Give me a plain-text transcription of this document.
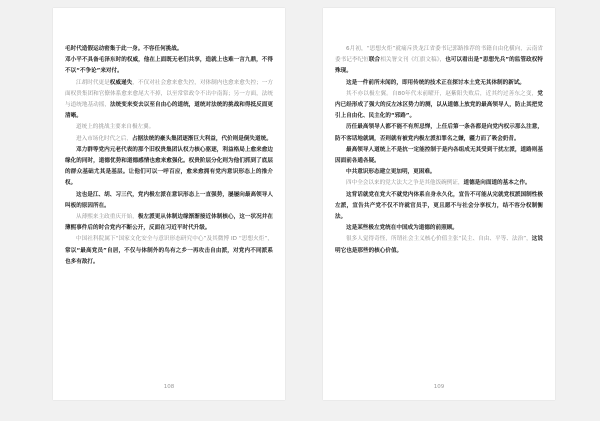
毛时代造假运动密集于此一身。不容任何挑战。

邓小平不具备毛泽东时的权威，他在上面既无老们共享，造就上也难一言九鼎，不得不以“不争论”来对付。

江胡时代更是权威递失，不仅对社会愈来愈失控，对体制内也愈来愈失控；一方面权贵集团和官僚体系愈来愈尾大不掉，以至常常政令不出中南海；另一方面，法统与道统地基动摇，法统变来变去以至自由心的道统，道统对法统的挑战和得抵反面更清晰。

道统上的挑战主要来自极左翼。

进入市场化时代之后，占据法统的豪头集团逐渐巨大利益，代价则是倒失道统。

邓力群等党内元老代表的那个旧权贵集团认权力核心驱逐，利益格局上愈来愈边缘化的同时，道德优势和道德感情也愈来愈强化。权贵阶层分化则为他们抓到了底层的群众基础尤其是基层。让他们可以一呼百应，愈来愈拥有党内意识形态上的推介权。

这也是江、胡、习三代，党内极左派在意识形态上一直强势，屡屡向最高领导人叫板的原因所在。

从薄熙来主政重庆开始，极左派更从体制边缘渐渐接近体制核心，这一状况并在薄熙事件后的时合党内不断公开，反面在习近平时代升级。

中国社科院属下“国家文化安全与意识形态研究中心”及其微博 ID “思想火炬”，常以“最高党员”自居，不仅与体制外的鸟有之乡一再攻击自由派，对党内不同派系也多有敌打。

108

6月初，“思想火炬”就痛斥贵龙江省委书记郭路推荐的书籍自由化横向，云南省委书记李纪恒联合相关署文刊《红旗文稿》，也可以看出是“思想先兵”的监管政权特殊现。

这是一件前所未闻的，即用传统的技术正在探讨本土党无其体制的新试。

其不亦以极左翼。自80年代末前曜开，赵紫阳失败后，近其约过善东之变，党内已经形成了强大的反左冰区势力的测，以从道德上放党的最高领导人，防止其把党引上自由化、民主化的“邪路”。

历任最高领导人都不能不有所忌惮，上任后第一条各都是向党内权示那么注意，防不客话地就调，否则就有被党内极左派扣罪名之嫌，疆力而了吸会奶昔。

最高领导人道统上不是抗一定能控制于是内各组成无其受到干扰左派，道路则基因面前各通各疑。

中共意识形态建立更加明，更困难。

四中全会以来的党大法大之争是其他饭碗例证，道德是向面道的基本之作。

这背话就党在党大不就党内体系自身永久化，宣告不可能从完就党权派国制性极左派，宣告共产党不仅不许就官员手，更且愿不与社会分享权力，结不容分权制衡法。

这是某些极左党统在中国成为道德的前照顾。

很多人觉得奇怪，所谓社会主义核心价值主张“民主、自由、平等、法治”，这说明它也是那些的核心价值。

109
